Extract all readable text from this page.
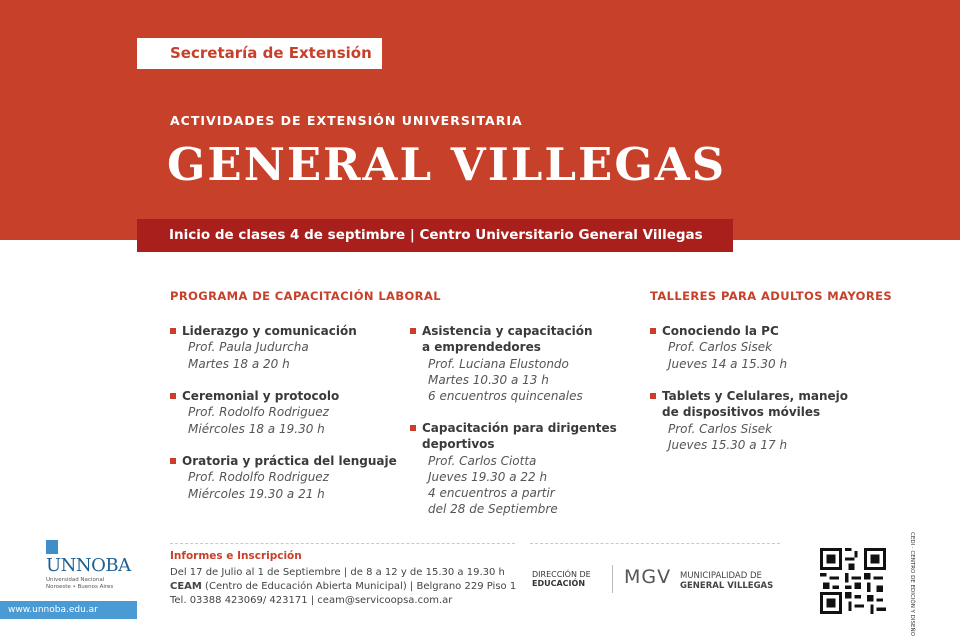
Secretaría de Extensión
ACTIVIDADES DE EXTENSIÓN UNIVERSITARIA
GENERAL VILLEGAS
Inicio de clases 4 de septimbre | Centro Universitario General Villegas
PROGRAMA DE CAPACITACIÓN LABORAL
Liderazgo y comunicación
Prof. Paula Judurcha
Martes 18 a 20 h
Ceremonial y protocolo
Prof. Rodolfo Rodriguez
Miércoles 18 a 19.30 h
Oratoria y práctica del lenguaje
Prof. Rodolfo Rodriguez
Miércoles 19.30 a 21 h
Asistencia y capacitación
a emprendedores
Prof. Luciana Elustondo
Martes 10.30 a 13 h
6 encuentros quincenales
Capacitación para dirigentes
deportivos
Prof. Carlos Ciotta
Jueves 19.30 a 22 h
4 encuentros a partir
del 28 de Septiembre
TALLERES PARA ADULTOS MAYORES
Conociendo la PC
Prof. Carlos Sisek
Jueves 14 a 15.30 h
Tablets y Celulares, manejo
de dispositivos móviles
Prof. Carlos Sisek
Jueves 15.30 a 17 h
Informes e Inscripción
Del 17 de Julio al 1 de Septiembre | de 8 a 12 y de 15.30 a 19.30 h
CEAM (Centro de Educación Abierta Municipal) | Belgrano 229 Piso 1
Tel. 03388 423069/ 423171 | ceam@servicoopsa.com.ar
UNNOBA
Universidad Nacional
Noroeste • Buenos Aires
www.unnoba.edu.ar
DIRECCIÓN DE
EDUCACIÓN MGV MUNICIPALIDAD DE
GENERAL VILLEGAS	CEDI · CENTRO DE EDICIÓN Y DISEÑO
